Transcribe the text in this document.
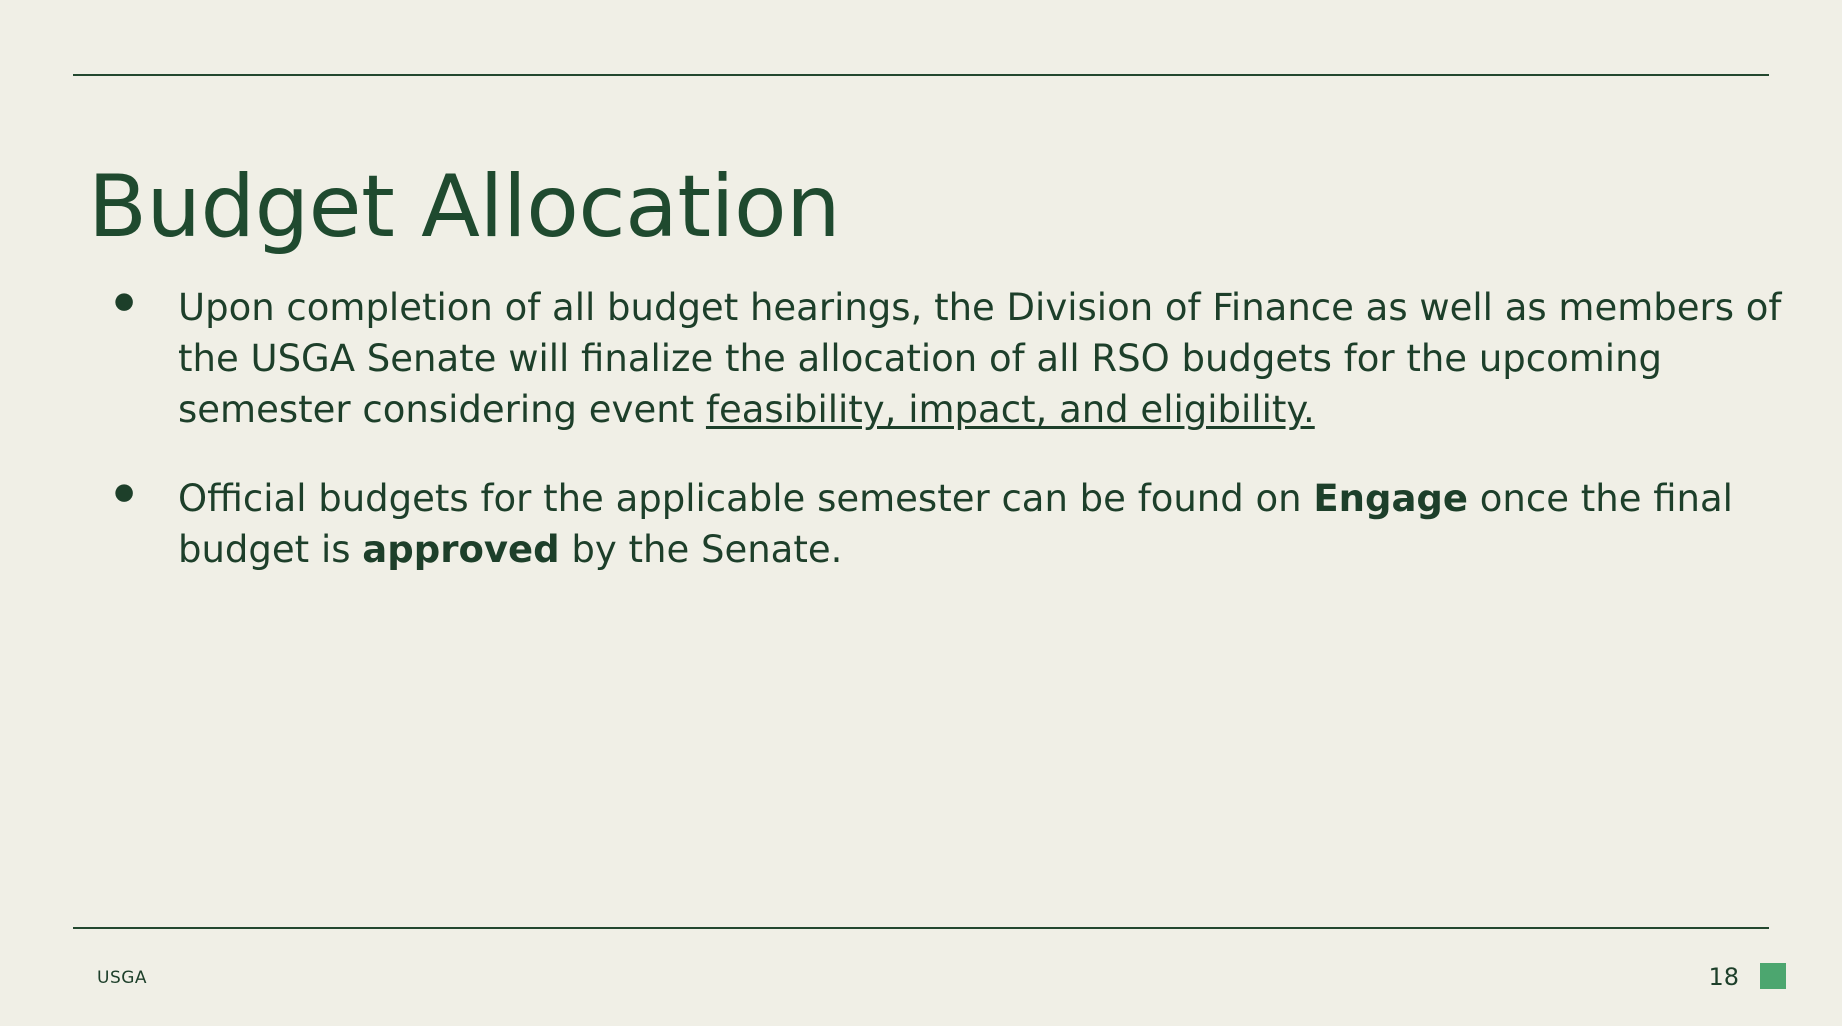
Budget Allocation
● Upon completion of all budget hearings, the Division of Finance as well as members of the USGA Senate will finalize the allocation of all RSO budgets for the upcoming semester considering event feasibility, impact, and eligibility.
● Official budgets for the applicable semester can be found on Engage once the final budget is approved by the Senate.
USGA	18
